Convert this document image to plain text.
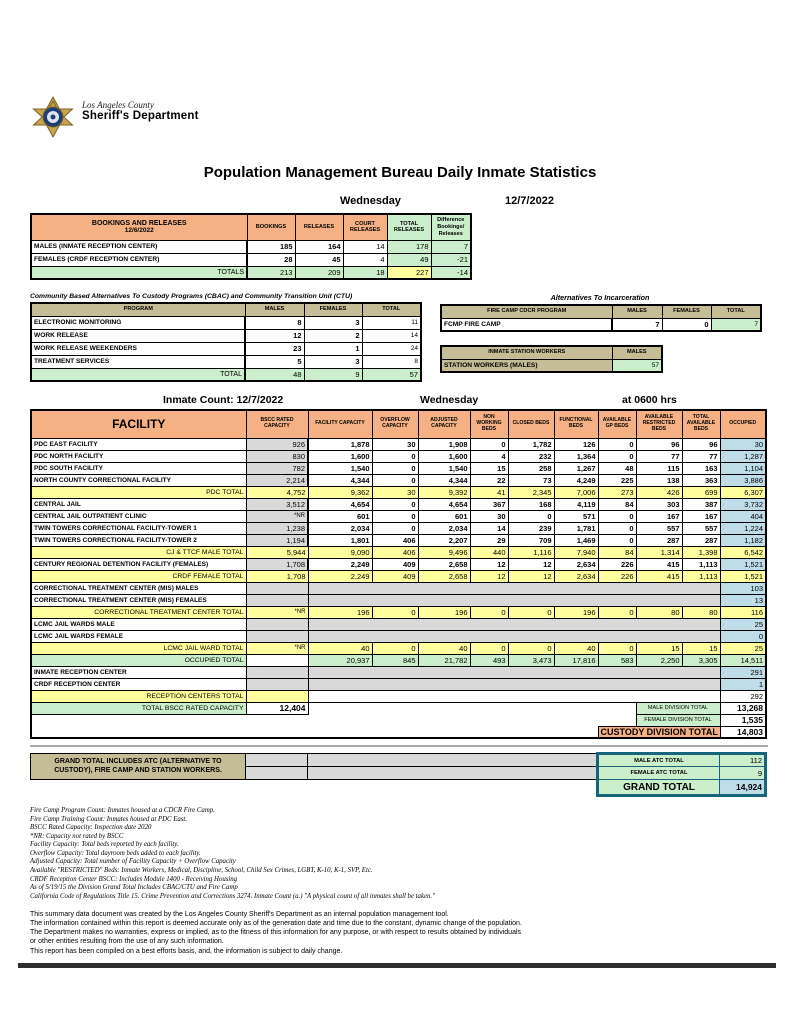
Los Angeles County
Sheriff's Department
Population Management Bureau Daily Inmate Statistics
Wednesday	12/7/2022
BOOKINGS AND RELEASES
12/6/2022	BOOKINGS	RELEASES	COURT RELEASES	TOTAL RELEASES	Difference Bookings/ Releases
MALES (INMATE RECEPTION CENTER)	185	164	14	178	7
FEMALES (CRDF RECEPTION CENTER)	28	45	4	49	-21
TOTALS	213	209	18	227	-14
Community Based Alternatives To Custody Programs (CBAC) and Community Transition Unit (CTU)
PROGRAM	MALES	FEMALES	TOTAL
ELECTRONIC MONITORING	8	3	11
WORK RELEASE	12	2	14
WORK RELEASE WEEKENDERS	23	1	24
TREATMENT SERVICES	5	3	8
TOTAL	48	9	57
Alternatives To Incarceration
FIRE CAMP CDCR PROGRAM	MALES	FEMALES	TOTAL
FCMP FIRE CAMP	7	0	7
INMATE STATION WORKERS	MALES
STATION WORKERS (MALES)	57
Inmate Count: 12/7/2022	Wednesday	at 0600 hrs
FACILITY	BSCC RATED CAPACITY	FACILITY CAPACITY	OVERFLOW CAPACITY	ADJUSTED CAPACITY	NON WORKING BEDS	CLOSED BEDS	FUNCTIONAL BEDS	AVAILABLE GP BEDS	AVAILABLE RESTRICTED BEDS	TOTAL AVAILABLE BEDS	OCCUPIED
PDC EAST FACILITY	926	1,878	30	1,908	0	1,782	126	0	96	96	30
PDC NORTH FACILITY	830	1,600	0	1,600	4	232	1,364	0	77	77	1,287
PDC SOUTH FACILITY	782	1,540	0	1,540	15	258	1,267	48	115	163	1,104
NORTH COUNTY CORRECTIONAL FACILITY	2,214	4,344	0	4,344	22	73	4,249	225	138	363	3,886
PDC TOTAL	4,752	9,362	30	9,392	41	2,345	7,006	273	426	699	6,307
CENTRAL JAIL	3,512	4,654	0	4,654	367	168	4,119	84	303	387	3,732
CENTRAL JAIL OUTPATIENT CLINIC	*NR	601	0	601	30	0	571	0	167	167	404
TWIN TOWERS CORRECTIONAL FACILITY-TOWER 1	1,238	2,034	0	2,034	14	239	1,781	0	557	557	1,224
TWIN TOWERS CORRECTIONAL FACILITY-TOWER 2	1,194	1,801	406	2,207	29	709	1,469	0	287	287	1,182
CJ & TTCF MALE TOTAL	5,944	9,090	406	9,496	440	1,116	7,940	84	1,314	1,398	6,542
CENTURY REGIONAL DETENTION FACILITY (FEMALES)	1,708	2,249	409	2,658	12	12	2,634	226	415	1,113	1,521
CRDF FEMALE TOTAL	1,708	2,249	409	2,658	12	12	2,634	226	415	1,113	1,521
CORRECTIONAL TREATMENT CENTER (MIS) MALES											103
CORRECTIONAL TREATMENT CENTER (MIS) FEMALES											13
CORRECTIONAL TREATMENT CENTER TOTAL	*NR	196	0	196	0	0	196	0	80	80	116
LCMC JAIL WARDS MALE											25
LCMC JAIL WARDS FEMALE											0
LCMC JAIL WARD TOTAL	*NR	40	0	40	0	0	40	0	15	15	25
OCCUPIED TOTAL		20,937	845	21,782	493	3,473	17,816	583	2,250	3,305	14,511
INMATE RECEPTION CENTER											291
CRDF RECEPTION CENTER											1
RECEPTION CENTERS TOTAL											292
TOTAL BSCC RATED CAPACITY	12,404								MALE DIVISION TOTAL		13,268
									FEMALE DIVISION TOTAL		1,535
								CUSTODY DIVISION TOTAL			14,803
GRAND TOTAL INCLUDES ATC (ALTERNATIVE TO
CUSTODY), FIRE CAMP AND STATION WORKERS.			MALE ATC TOTAL	112
			FEMALE ATC TOTAL	9
			GRAND TOTAL	14,924
Fire Camp Program Count: Inmates housed at a CDCR Fire Camp.
Fire Camp Training Count: Inmates housed at PDC East.
BSCC Rated Capacity: Inspection date 2020
*NR: Capacity not rated by BSCC
Facility Capacity: Total beds reported by each facility.
Overflow Capacity: Total dayroom beds added to each facility.
Adjusted Capacity: Total number of Facility Capacity + Overflow Capacity
Available "RESTRICTED" Beds: Inmate Workers, Medical, Discipline, School, Child Sex Crimes, LGBT, K-10, K-1, SVP, Etc.
CRDF Reception Center BSCC: Includes Module 1400 - Receiving Housing
As of 5/19/15 the Division Grand Total Includes CBAC/CTU and Fire Camp
California Code of Regulations Title 15. Crime Prevention and Corrections 3274. Inmate Count (a.) "A physical count of all inmates shall be taken."
This summary data document was created by the Los Angeles County Sheriff's Department as an internal population management tool.
The information contained within this report is deemed accurate only as of the generation date and time due to the constant, dynamic change of the population.
The Department makes no warranties, express or implied, as to the fitness of this information for any purpose, or with respect to results obtained by individuals
or other entities resulting from the use of any such information.
This report has been compiled on a best efforts basis, and, the information is subject to daily change.
